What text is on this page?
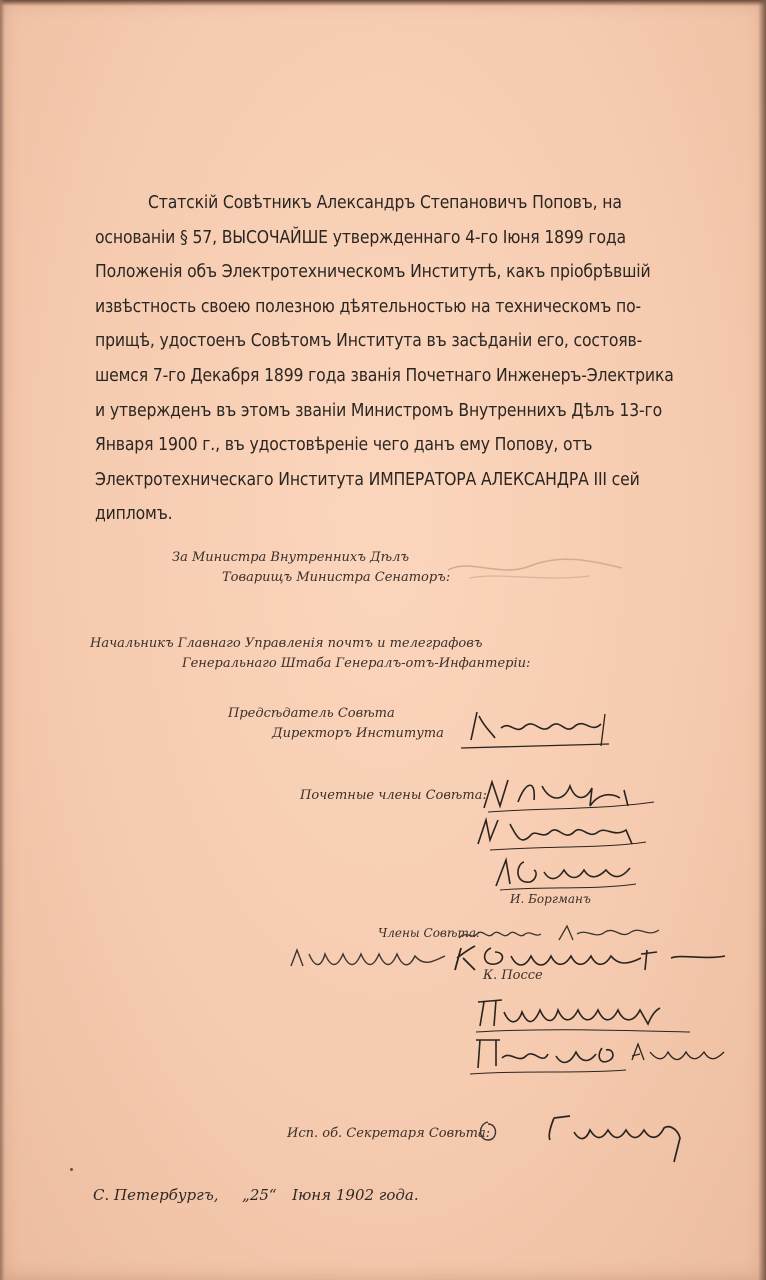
Статскій Совѣтникъ Александръ Степановичъ Поповъ, на
основаніи § 57, ВЫСОЧАЙШЕ утвержденнаго 4-го Іюня 1899 года
Положенія объ Электротехническомъ Институтѣ, какъ пріобрѣвшій
извѣстность своею полезною дѣятельностью на техническомъ по-
прищѣ, удостоенъ Совѣтомъ Института въ засѣданіи его, состояв-
шемся 7-го Декабря 1899 года званія Почетнаго Инженеръ-Электрика
и утвержденъ въ этомъ званіи Министромъ Внутреннихъ Дѣлъ 13-го
Января 1900 г., въ удостовѣреніе чего данъ ему Попову, отъ
Электротехническаго Института ИМПЕРАТОРА АЛЕКСАНДРА III сей
дипломъ.
За Министра Внутреннихъ Дѣлъ
Товарищъ Министра Сенаторъ:
Начальникъ Главнаго Управленія почтъ и телеграфовъ
Генеральнаго Штаба Генералъ-отъ-Инфантеріи:
Предсѣдатель Совѣта
Директоръ Института
Почетные члены Совѣта:
И. Боргманъ
Члены Совѣта:
К. Поссе
Исп. об. Секретаря Совѣта:
С. Петербургъ, „25“ Іюня 1902 года.
